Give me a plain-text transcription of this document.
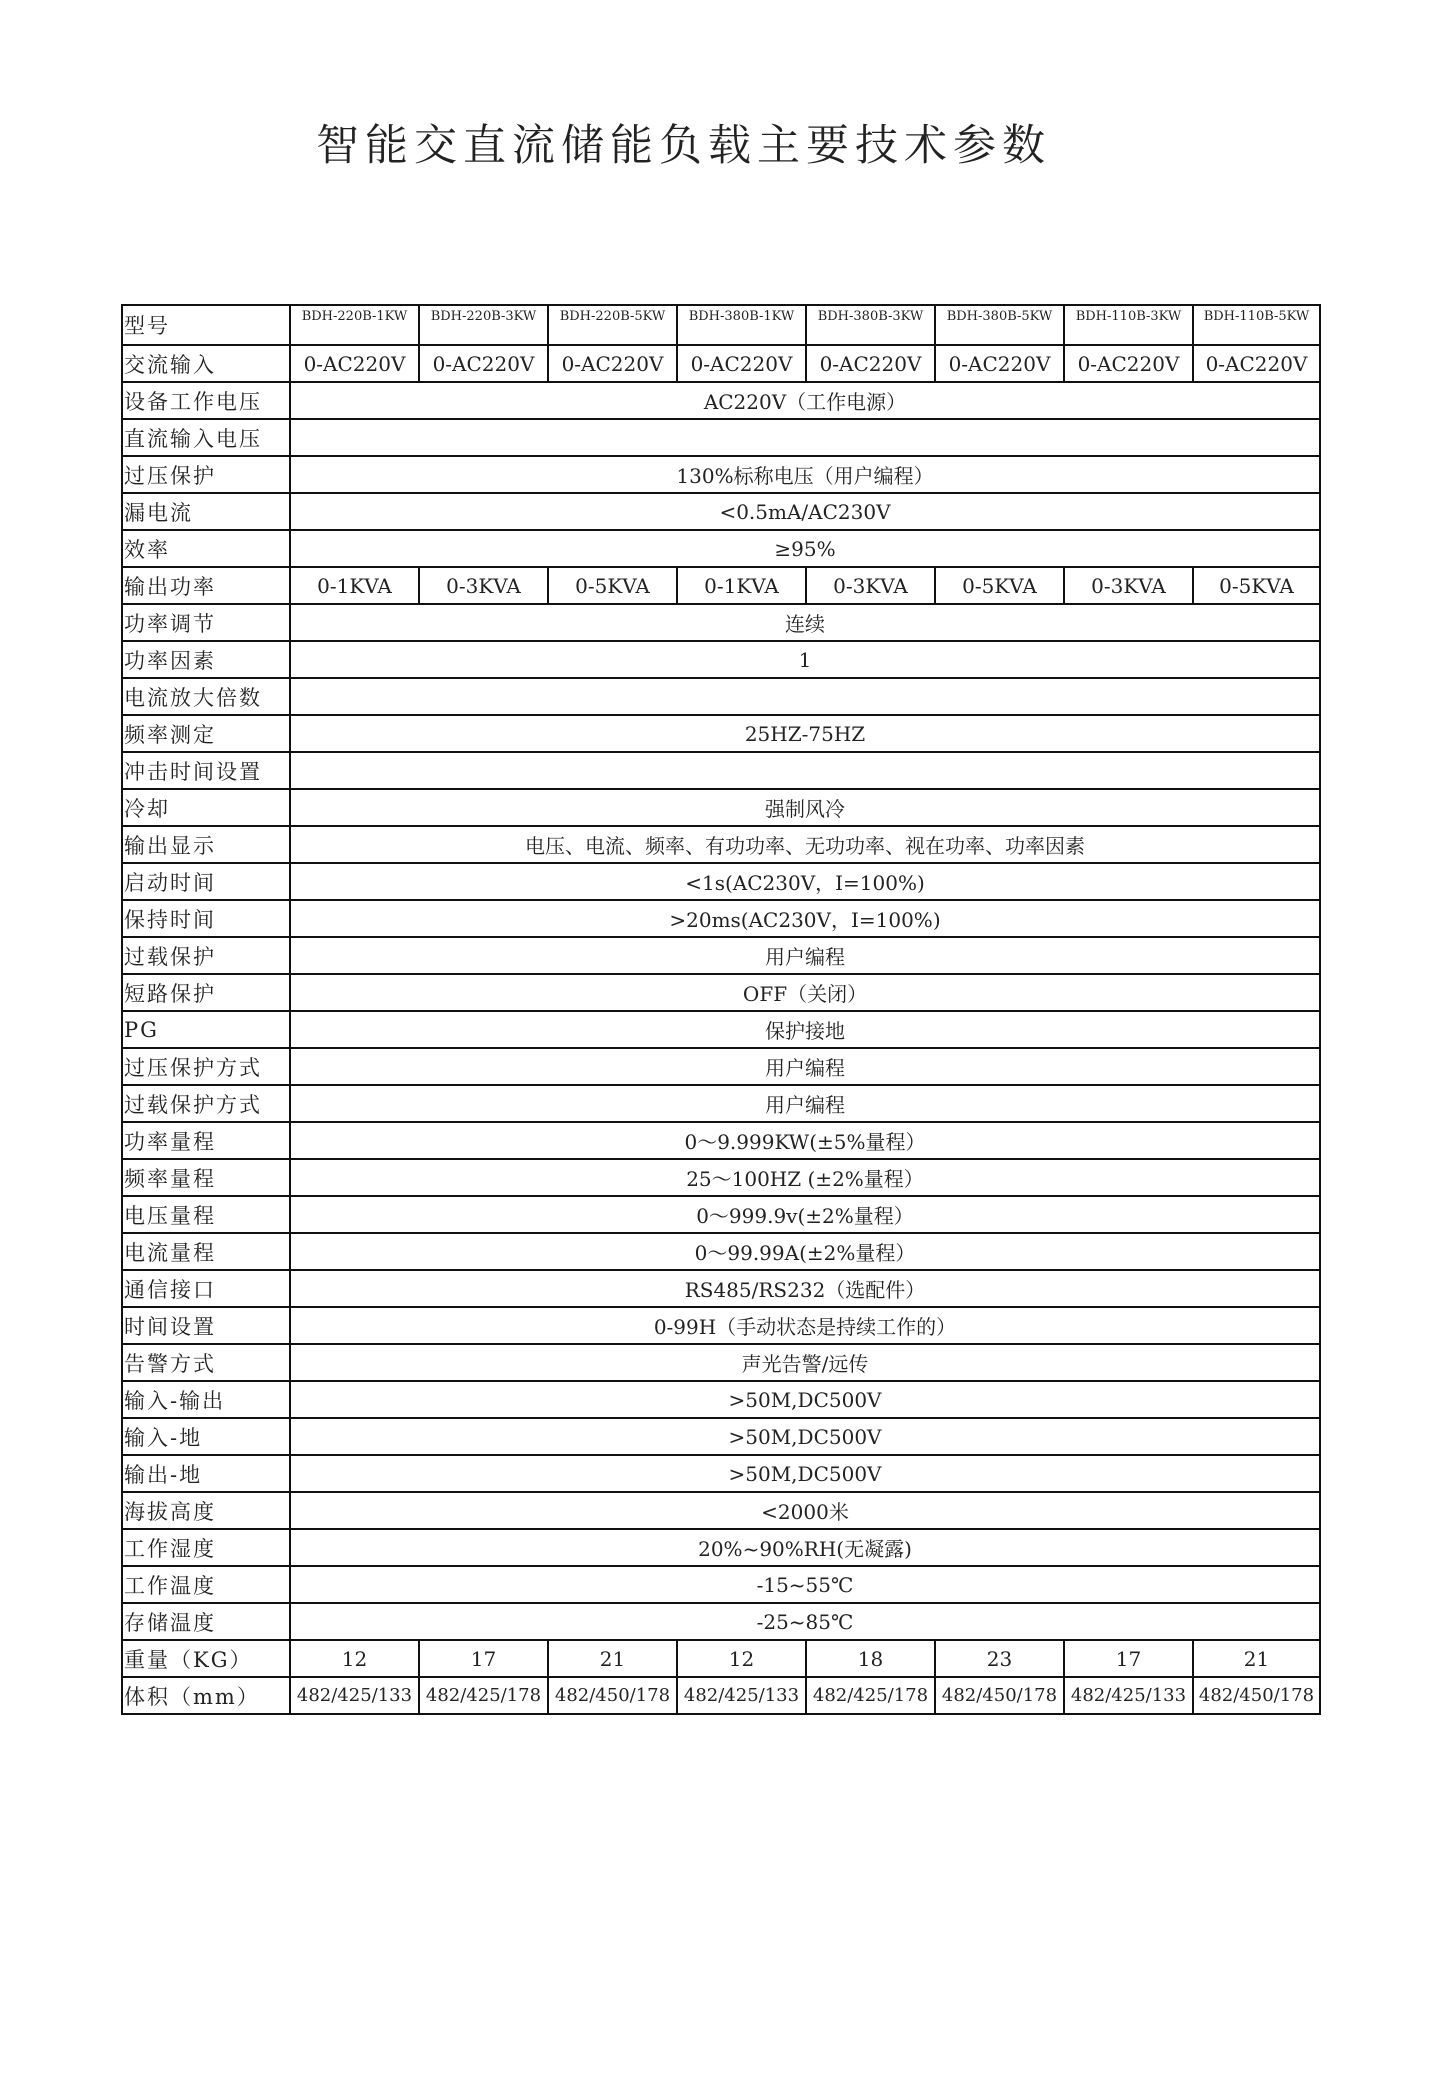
智能交直流储能负载主要技术参数
型号	BDH-220B-1KW	BDH-220B-3KW	BDH-220B-5KW	BDH-380B-1KW	BDH-380B-3KW	BDH-380B-5KW	BDH-110B-3KW	BDH-110B-5KW
交流输入	0-AC220V	0-AC220V	0-AC220V	0-AC220V	0-AC220V	0-AC220V	0-AC220V	0-AC220V
设备工作电压	AC220V（工作电源）							
直流输入电压								
过压保护	130%标称电压（用户编程）							
漏电流	<0.5mA/AC230V							
效率	≥95%							
输出功率	0-1KVA	0-3KVA	0-5KVA	0-1KVA	0-3KVA	0-5KVA	0-3KVA	0-5KVA
功率调节	连续							
功率因素	1							
电流放大倍数								
频率测定	25HZ-75HZ							
冲击时间设置								
冷却	强制风冷							
输出显示	电压、电流、频率、有功功率、无功功率、视在功率、功率因素							
启动时间	<1s(AC230V，I=100%)							
保持时间	>20ms(AC230V，I=100%)							
过载保护	用户编程							
短路保护	OFF（关闭）							
PG	保护接地							
过压保护方式	用户编程							
过载保护方式	用户编程							
功率量程	0～9.999KW(±5%量程）							
频率量程	25～100HZ (±2%量程）							
电压量程	0～999.9v(±2%量程）							
电流量程	0～99.99A(±2%量程）							
通信接口	RS485/RS232（选配件）							
时间设置	0-99H（手动状态是持续工作的）							
告警方式	声光告警/远传							
输入-输出	>50M,DC500V							
输入-地	>50M,DC500V							
输出-地	>50M,DC500V							
海拔高度	<2000米							
工作湿度	20%~90%RH(无凝露)							
工作温度	-15~55℃							
存储温度	-25~85℃							
重量（KG）	12	17	21	12	18	23	17	21
体积（mm）	482/425/133	482/425/178	482/450/178	482/425/133	482/425/178	482/450/178	482/425/133	482/450/178
